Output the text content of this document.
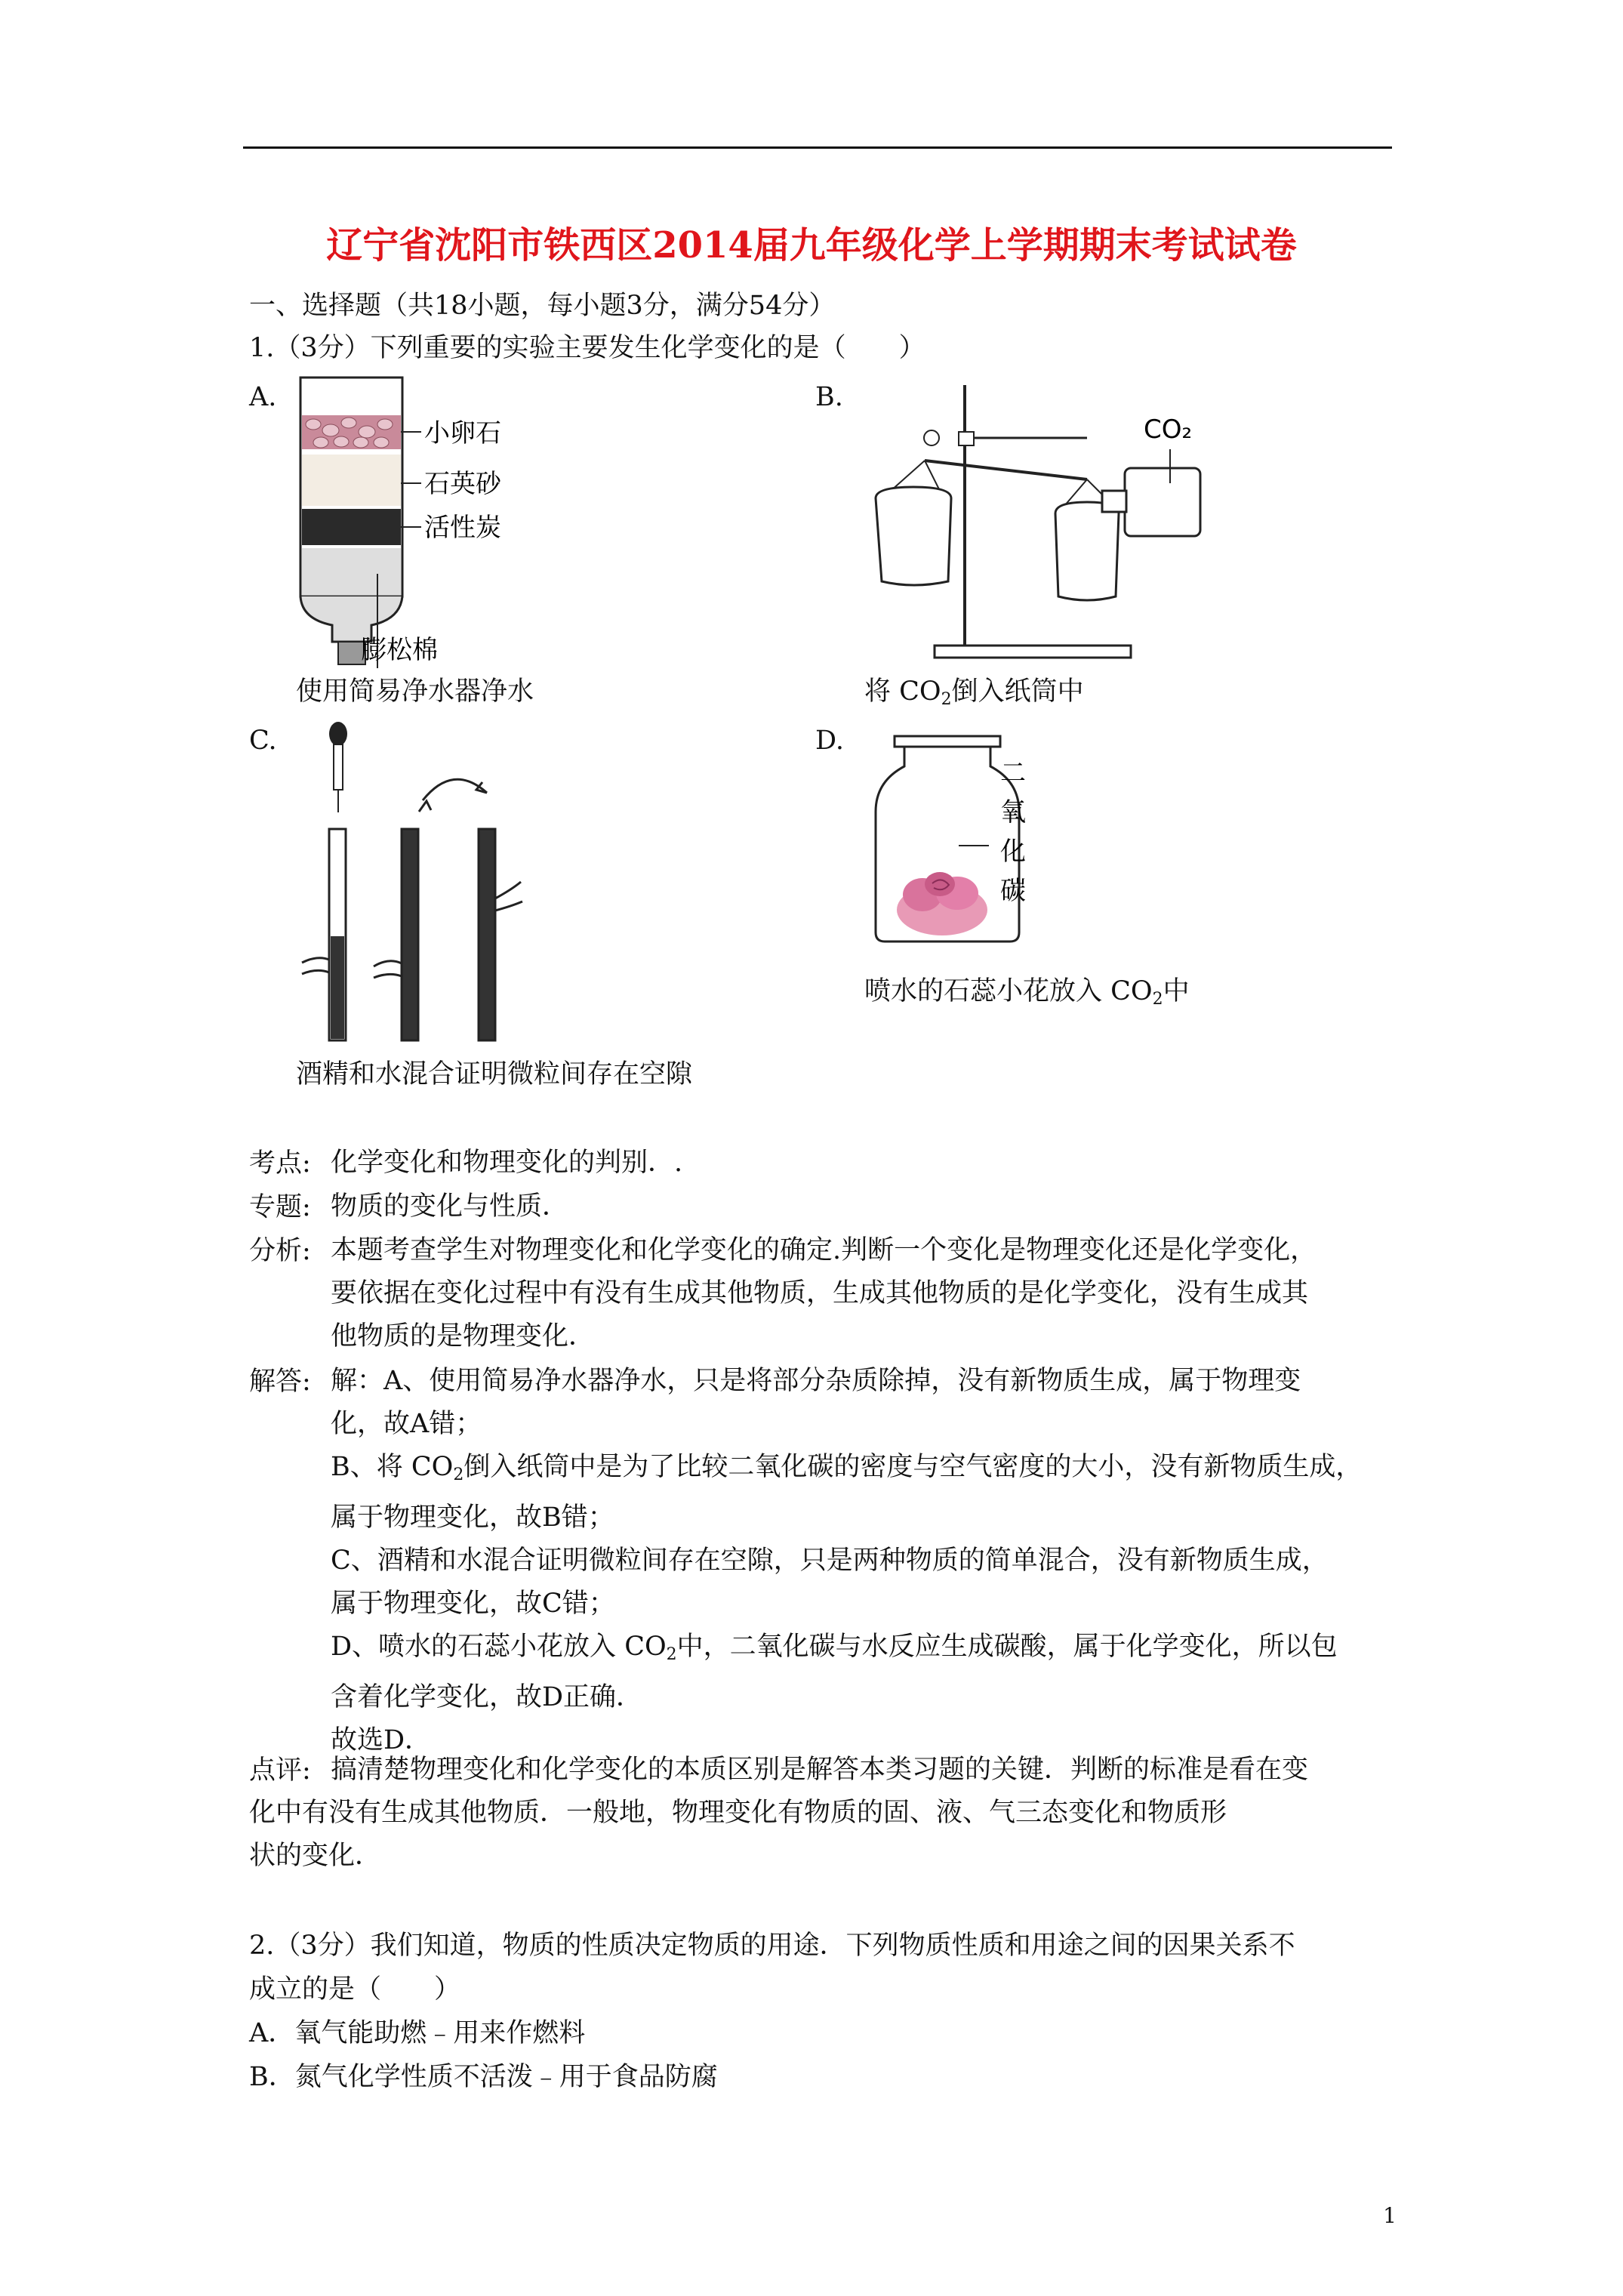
辽宁省沈阳市铁西区2014届九年级化学上学期期末考试试卷
一、选择题（共18小题，每小题3分，满分54分）
1.（3分）下列重要的实验主要发生化学变化的是（　　）
A.
小卵石
石英砂
活性炭
膨松棉
使用简易净水器净水
B.
CO₂
将 $CO_2$倒入纸筒中
C.
酒精和水混合证明微粒间存在空隙
D.
二
氧
化
碳
喷水的石蕊小花放入 $CO_2$中
考点: 化学变化和物理变化的判别．.
专题: 物质的变化与性质．
分析: 本题考查学生对物理变化和化学变化的确定.判断一个变化是物理变化还是化学变化，
要依据在变化过程中有没有生成其他物质，生成其他物质的是化学变化，没有生成其
他物质的是物理变化．
解答: 解：A、使用简易净水器净水，只是将部分杂质除掉，没有新物质生成，属于物理变
化，故A错；
B、将 $CO_2$倒入纸筒中是为了比较二氧化碳的密度与空气密度的大小，没有新物质生成，
属于物理变化，故B错；
C、酒精和水混合证明微粒间存在空隙，只是两种物质的简单混合，没有新物质生成，
属于物理变化，故C错；
D、喷水的石蕊小花放入 $CO_2$中，二氧化碳与水反应生成碳酸，属于化学变化，所以包
含着化学变化，故D正确．
故选D．
点评: 搞清楚物理变化和化学变化的本质区别是解答本类习题的关键．判断的标准是看在变
化中有没有生成其他物质．一般地，物理变化有物质的固、液、气三态变化和物质形
状的变化．
2.（3分）我们知道，物质的性质决定物质的用途．下列物质性质和用途之间的因果关系不
成立的是（　　）
A．氧气能助燃﹣用来作燃料
B．氮气化学性质不活泼﹣用于食品防腐
1
